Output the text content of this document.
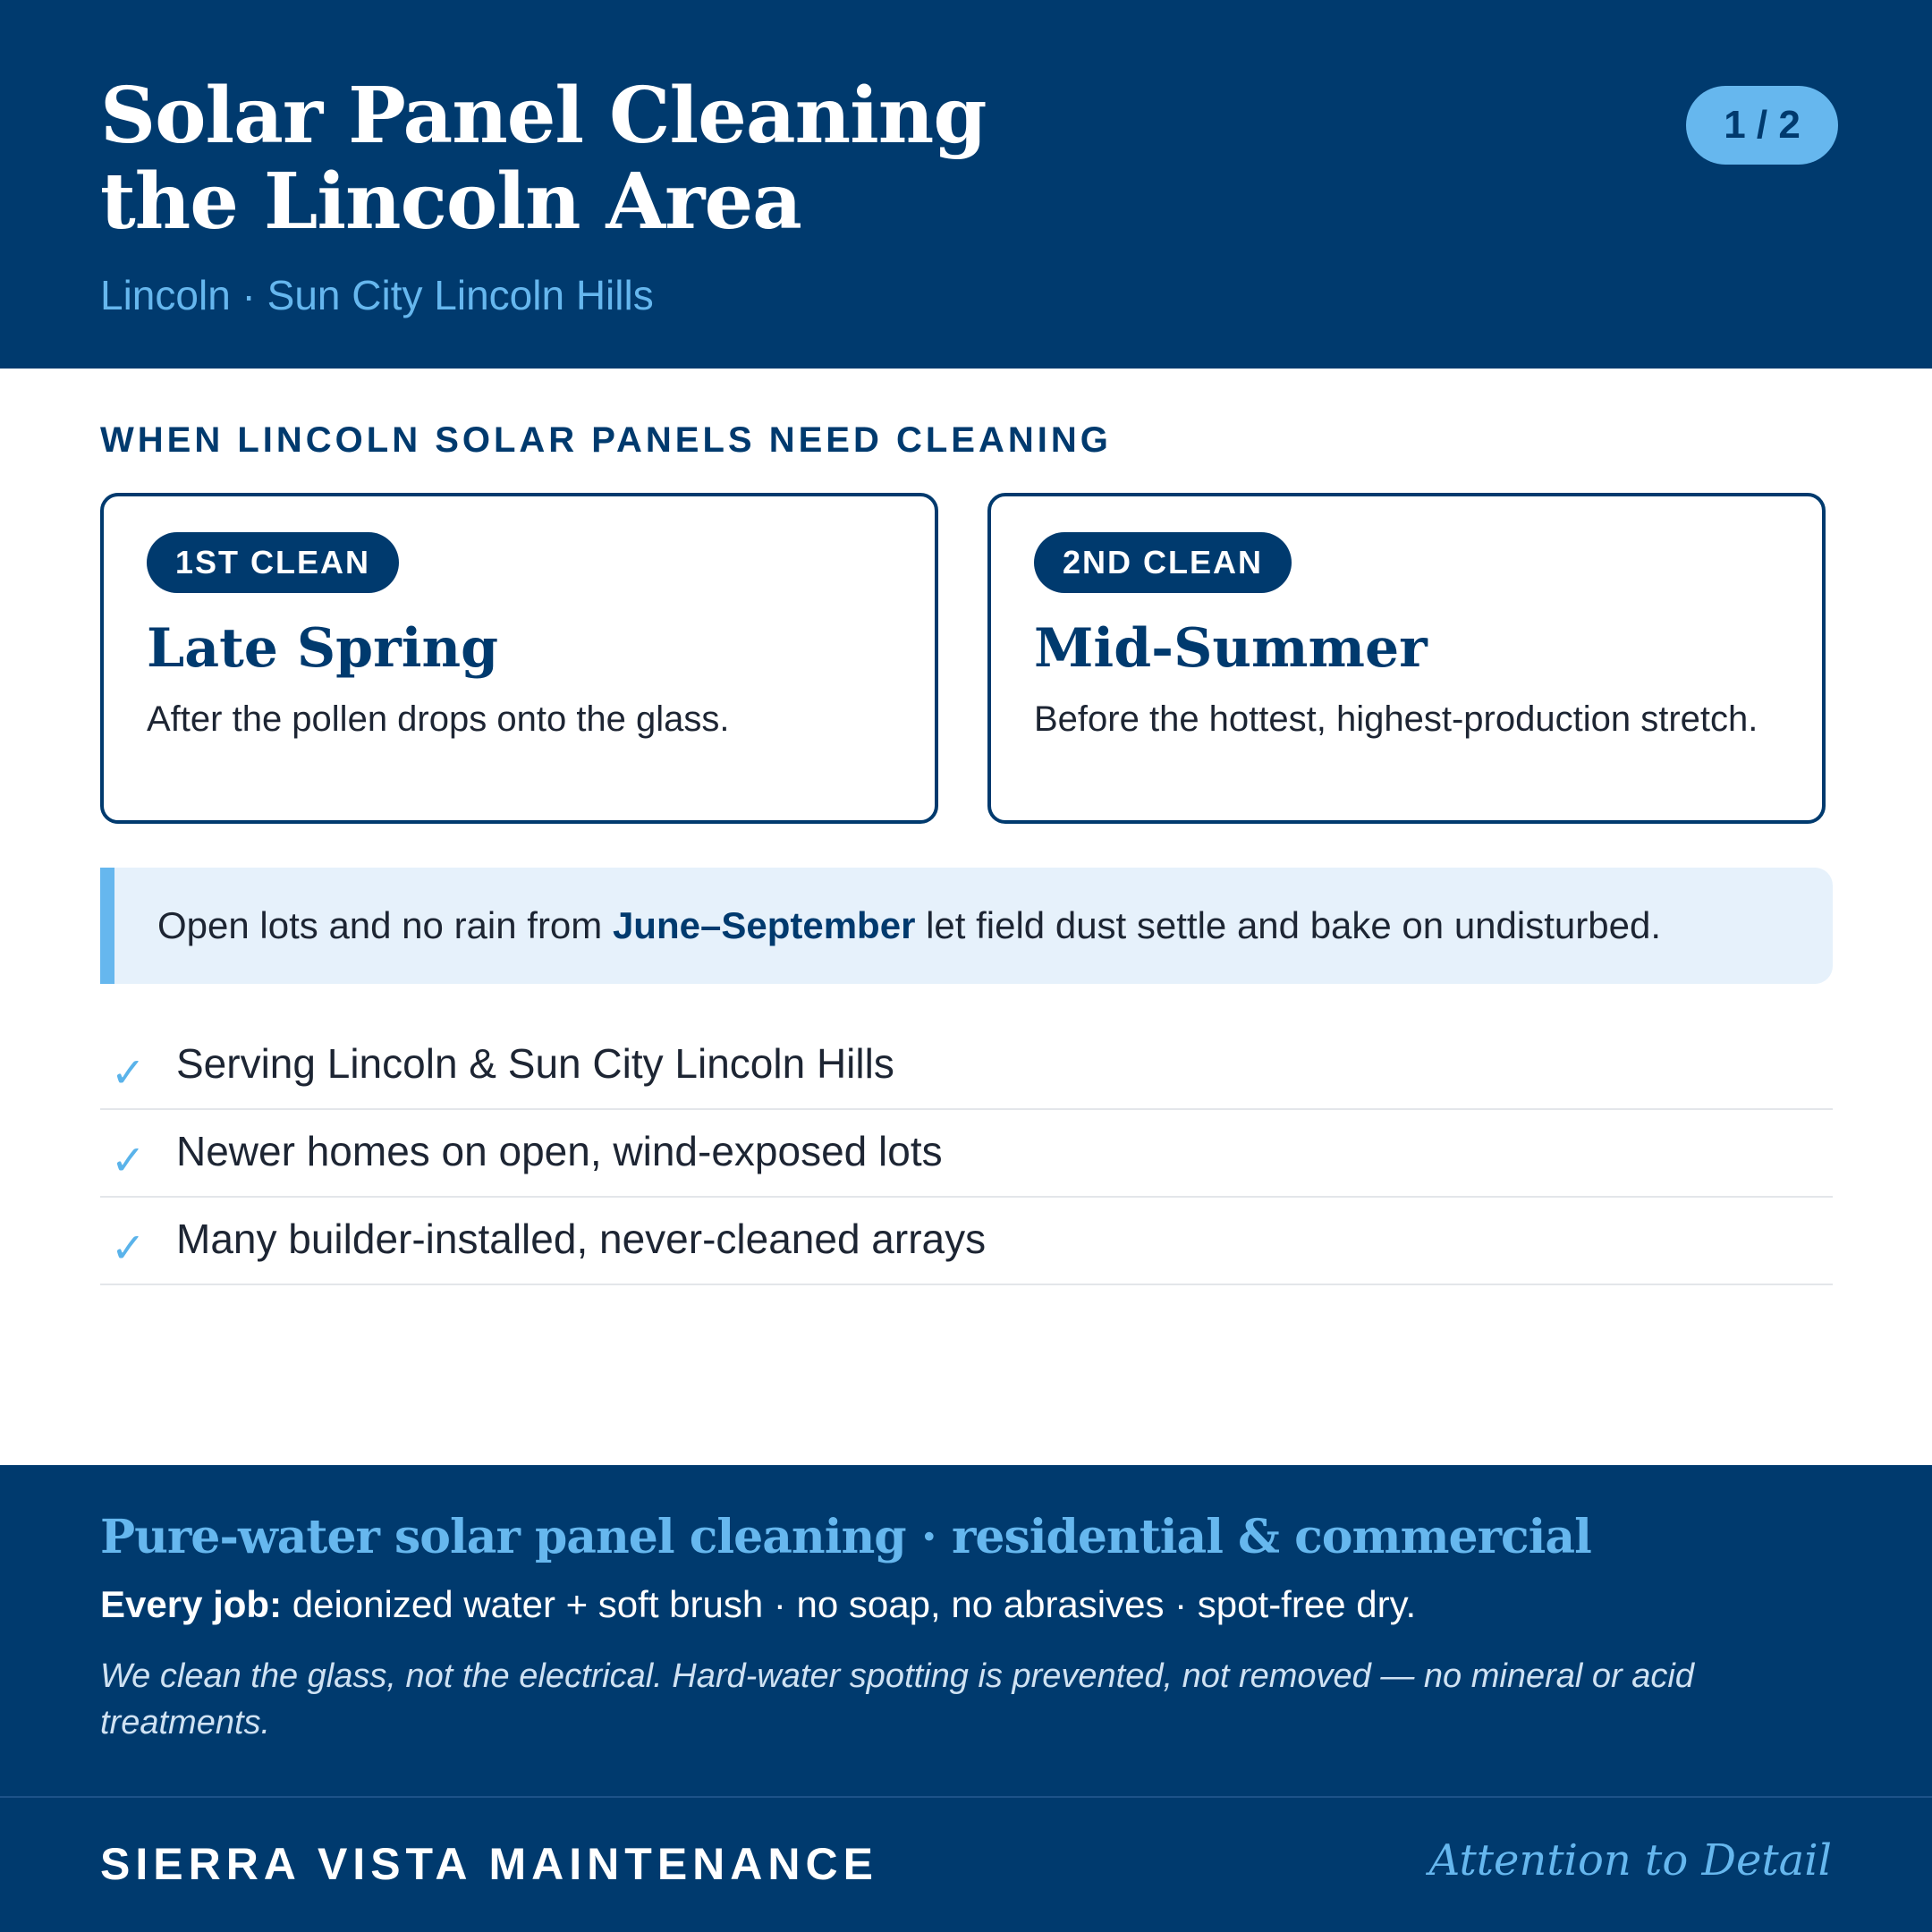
Solar Panel Cleaning
the Lincoln Area
Lincoln · Sun City Lincoln Hills
1 / 2
WHEN LINCOLN SOLAR PANELS NEED CLEANING
1ST CLEAN
Late Spring
After the pollen drops onto the glass.
2ND CLEAN
Mid-Summer
Before the hottest, highest-production stretch.
Open lots and no rain from June–September let field dust settle and bake on undisturbed.
✓ Serving Lincoln & Sun City Lincoln Hills
✓ Newer homes on open, wind-exposed lots
✓ Many builder-installed, never-cleaned arrays
Pure-water solar panel cleaning · residential & commercial
Every job: deionized water + soft brush · no soap, no abrasives · spot-free dry.
We clean the glass, not the electrical. Hard-water spotting is prevented, not removed — no mineral or acid treatments.
SIERRA VISTA MAINTENANCE	Attention to Detail
